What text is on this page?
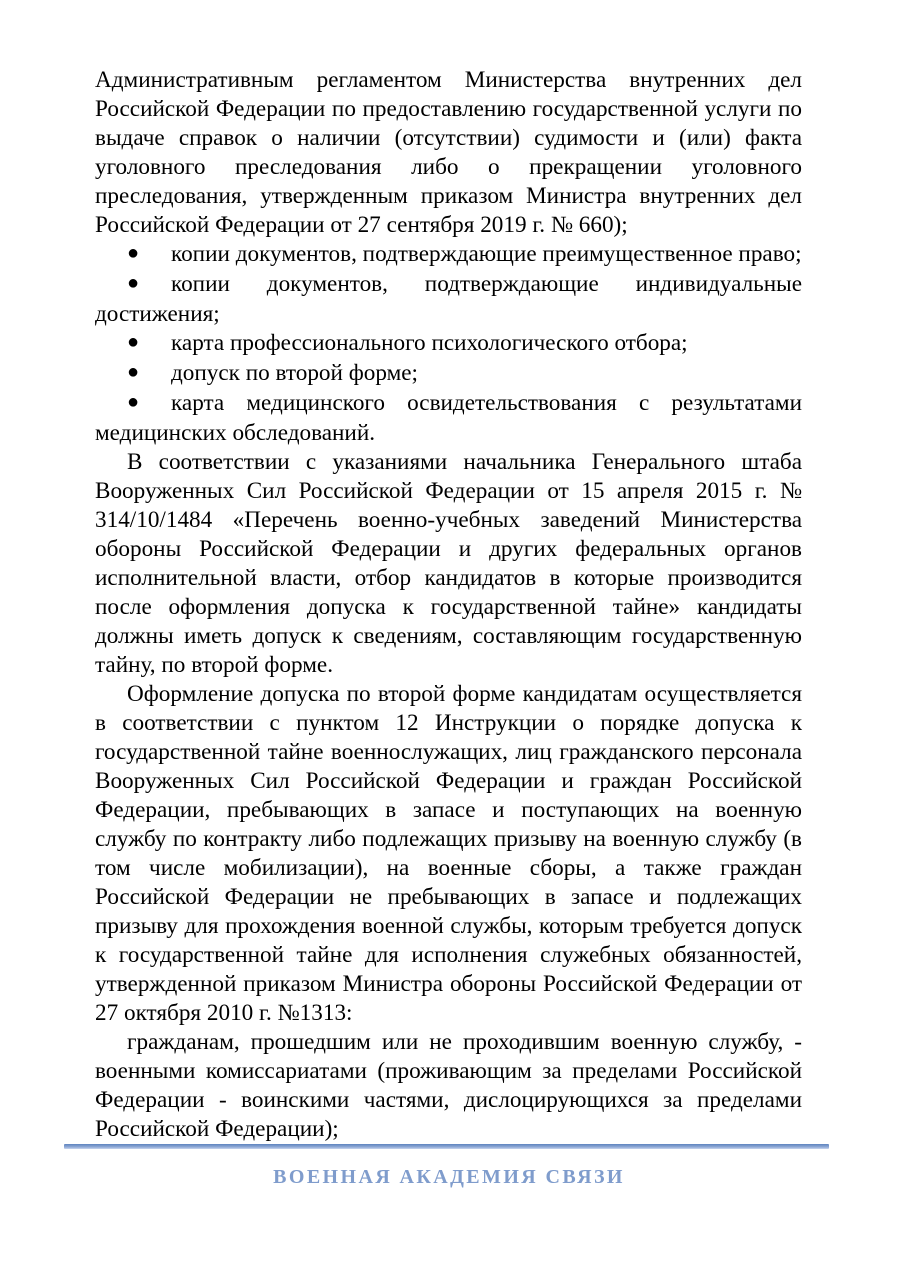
Административным регламентом Министерства внутренних дел Российской Федерации по предоставлению государственной услуги по выдаче справок о наличии (отсутствии) судимости и (или) факта уголовного преследования либо о прекращении уголовного преследования, утвержденным приказом Министра внутренних дел Российской Федерации от 27 сентября 2019 г. № 660);

● копии документов, подтверждающие преимущественное право;

● копии документов, подтверждающие индивидуальные достижения;

● карта профессионального психологического отбора;

● допуск по второй форме;

● карта медицинского освидетельствования с результатами медицинских обследований.

В соответствии с указаниями начальника Генерального штаба Вооруженных Сил Российской Федерации от 15 апреля 2015 г. № 314/10/1484 «Перечень военно-учебных заведений Министерства обороны Российской Федерации и других федеральных органов исполнительной власти, отбор кандидатов в которые производится после оформления допуска к государственной тайне» кандидаты должны иметь допуск к сведениям, составляющим государственную тайну, по второй форме.

Оформление допуска по второй форме кандидатам осуществляется в соответствии с пунктом 12 Инструкции о порядке допуска к государственной тайне военнослужащих, лиц гражданского персонала Вооруженных Сил Российской Федерации и граждан Российской Федерации, пребывающих в запасе и поступающих на военную службу по контракту либо подлежащих призыву на военную службу (в том числе мобилизации), на военные сборы, а также граждан Российской Федерации не пребывающих в запасе и подлежащих призыву для прохождения военной службы, которым требуется допуск к государственной тайне для исполнения служебных обязанностей, утвержденной приказом Министра обороны Российской Федерации от 27 октября 2010 г. №1313:

гражданам, прошедшим или не проходившим военную службу, - военными комиссариатами (проживающим за пределами Российской Федерации - воинскими частями, дислоцирующихся за пределами Российской Федерации);

ВОЕННАЯ АКАДЕМИЯ СВЯЗИ
